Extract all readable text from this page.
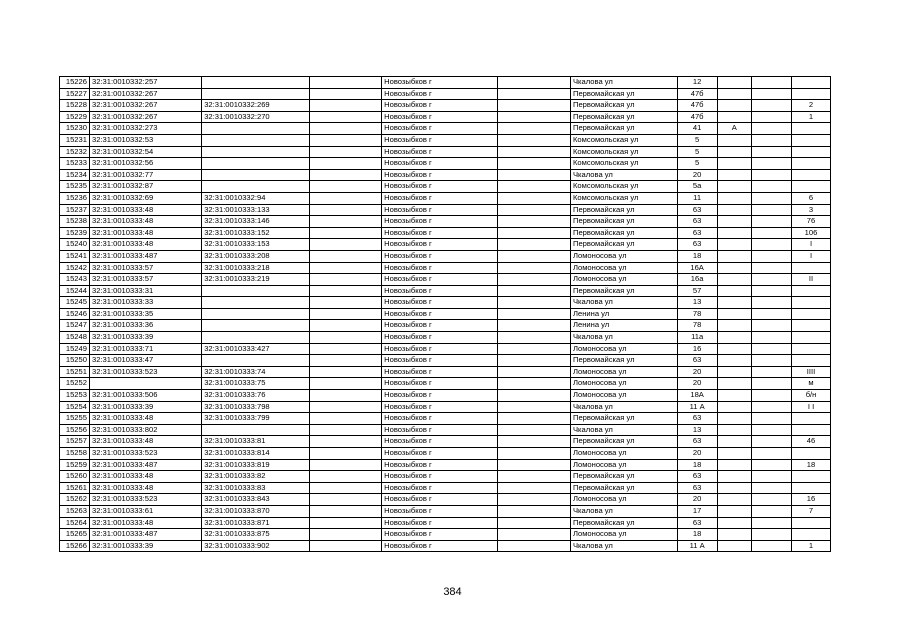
15226	32:31:0010332:257			Новозыбков г		Чкалова ул	12			
15227	32:31:0010332:267			Новозыбков г		Первомайская ул	47б			
15228	32:31:0010332:267	32:31:0010332:269		Новозыбков г		Первомайская ул	47б			2
15229	32:31:0010332:267	32:31:0010332:270		Новозыбков г		Первомайская ул	47б			1
15230	32:31:0010332:273			Новозыбков г		Первомайская ул	41	А		
15231	32:31:0010332:53			Новозыбков г		Комсомольская ул	5			
15232	32:31:0010332:54			Новозыбков г		Комсомольская ул	5			
15233	32:31:0010332:56			Новозыбков г		Комсомольская ул	5			
15234	32:31:0010332:77			Новозыбков г		Чкалова ул	20			
15235	32:31:0010332:87			Новозыбков г		Комсомольская ул	5а			
15236	32:31:0010332:69	32:31:0010332:94		Новозыбков г		Комсомольская ул	11			6
15237	32:31:0010333:48	32:31:0010333:133		Новозыбков г		Первомайская ул	63			3
15238	32:31:0010333:48	32:31:0010333:146		Новозыбков г		Первомайская ул	63			76
15239	32:31:0010333:48	32:31:0010333:152		Новозыбков г		Первомайская ул	63			106
15240	32:31:0010333:48	32:31:0010333:153		Новозыбков г		Первомайская ул	63			I
15241	32:31:0010333:487	32:31:0010333:208		Новозыбков г		Ломоносова ул	18			I
15242	32:31:0010333:57	32:31:0010333:218		Новозыбков г		Ломоносова ул	16А			
15243	32:31:0010333:57	32:31:0010333:219		Новозыбков г		Ломоносова ул	16а			II
15244	32:31:0010333:31			Новозыбков г		Первомайская ул	57			
15245	32:31:0010333:33			Новозыбков г		Чкалова ул	13			
15246	32:31:0010333:35			Новозыбков г		Ленина ул	78			
15247	32:31:0010333:36			Новозыбков г		Ленина ул	78			
15248	32:31:0010333:39			Новозыбков г		Чкалова ул	11а			
15249	32:31:0010333:71	32:31:0010333:427		Новозыбков г		Ломоносова ул	16			
15250	32:31:0010333:47			Новозыбков г		Первомайская ул	63			
15251	32:31:0010333:523	32:31:0010333:74		Новозыбков г		Ломоносова ул	20			IIII
15252		32:31:0010333:75		Новозыбков г		Ломоносова ул	20			м
15253	32:31:0010333:506	32:31:0010333:76		Новозыбков г		Ломоносова ул	18А			б/н
15254	32:31:0010333:39	32:31:0010333:798		Новозыбков г		Чкалова ул	11 А			I I
15255	32:31:0010333:48	32:31:0010333:799		Новозыбков г		Первомайская ул	63			
15256	32:31:0010333:802			Новозыбков г		Чкалова ул	13			
15257	32:31:0010333:48	32:31:0010333:81		Новозыбков г		Первомайская ул	63			46
15258	32:31:0010333:523	32:31:0010333:814		Новозыбков г		Ломоносова ул	20			
15259	32:31:0010333:487	32:31:0010333:819		Новозыбков г		Ломоносова ул	18			18
15260	32:31:0010333:48	32:31:0010333:82		Новозыбков г		Первомайская ул	63			
15261	32:31:0010333:48	32:31:0010333:83		Новозыбков г		Первомайская ул	63			
15262	32:31:0010333:523	32:31:0010333:843		Новозыбков г		Ломоносова ул	20			16
15263	32:31:0010333:61	32:31:0010333:870		Новозыбков г		Чкалова ул	17			7
15264	32:31:0010333:48	32:31:0010333:871		Новозыбков г		Первомайская ул	63			
15265	32:31:0010333:487	32:31:0010333:875		Новозыбков г		Ломоносова ул	18			
15266	32:31:0010333:39	32:31:0010333:902		Новозыбков г		Чкалова ул	11 А			1
384
